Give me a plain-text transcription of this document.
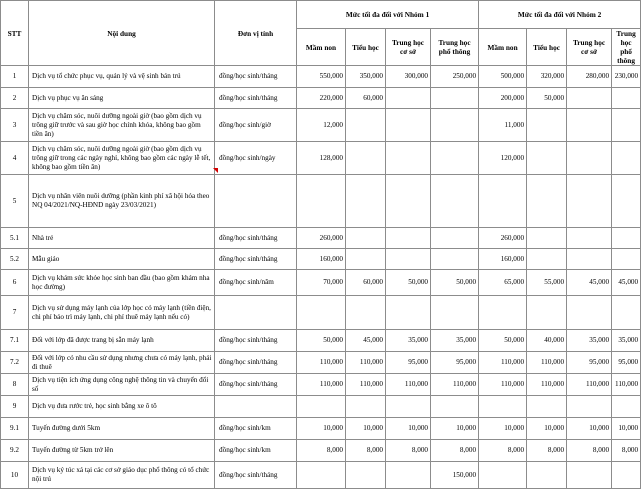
STT	Nội dung	Đơn vị tính	Mức tối đa đối với Nhóm 1				Mức tối đa đối với Nhóm 2			
			Mầm non	Tiểu học	Trung học cơ sở	Trung học phổ thông	Mầm non	Tiểu học	Trung học cơ sở	Trung học phổ thông
1	Dịch vụ tổ chức phục vụ, quản lý và vệ sinh bán trú	đồng/học sinh/tháng	550,000	350,000	300,000	250,000	500,000	320,000	280,000	230,000
2	Dịch vụ phục vụ ăn sáng	đồng/học sinh/tháng	220,000	60,000			200,000	50,000		
3	Dịch vụ chăm sóc, nuôi dưỡng ngoài giờ (bao gồm dịch vụ trông giữ trước và sau giờ học chính khóa, không bao gồm tiền ăn)	đồng/học sinh/giờ	12,000				11,000			
4	Dịch vụ chăm sóc, nuôi dưỡng ngoài giờ (bao gồm dịch vụ trông giữ trong các ngày nghỉ, không bao gồm các ngày lễ tết, không bao gồm tiền ăn)	đồng/học sinh/ngày	128,000				120,000			
5	Dịch vụ nhân viên nuôi dưỡng (phần kinh phí xã hội hóa theo NQ 04/2021/NQ-HĐND ngày 23/03/2021)									
5.1	Nhà trẻ	đồng/học sinh/tháng	260,000				260,000			
5.2	Mẫu giáo	đồng/học sinh/tháng	160,000				160,000			
6	Dịch vụ khám sức khỏe học sinh ban đầu (bao gồm khám nha học đường)	đồng/học sinh/năm	70,000	60,000	50,000	50,000	65,000	55,000	45,000	45,000
7	Dịch vụ sử dụng máy lạnh của lớp học có máy lạnh (tiền điện, chi phí bảo trì máy lạnh, chi phí thuê máy lạnh nếu có)									
7.1	Đối với lớp đã được trang bị sẵn máy lạnh	đồng/học sinh/tháng	50,000	45,000	35,000	35,000	50,000	40,000	35,000	35,000
7.2	Đối với lớp có nhu cầu sử dụng nhưng chưa có máy lạnh, phải đi thuê	đồng/học sinh/tháng	110,000	110,000	95,000	95,000	110,000	110,000	95,000	95,000
8	Dịch vụ tiện ích ứng dụng công nghệ thông tin và chuyển đổi số	đồng/học sinh/tháng	110,000	110,000	110,000	110,000	110,000	110,000	110,000	110,000
9	Dịch vụ đưa rước trẻ, học sinh bằng xe ô tô									
9.1	Tuyến đường dưới 5km	đồng/học sinh/km	10,000	10,000	10,000	10,000	10,000	10,000	10,000	10,000
9.2	Tuyến đường từ 5km trở lên	đồng/học sinh/km	8,000	8,000	8,000	8,000	8,000	8,000	8,000	8,000
10	Dịch vụ ký túc xá tại các cơ sở giáo dục phổ thông có tổ chức nội trú	đồng/học sinh/tháng				150,000				
